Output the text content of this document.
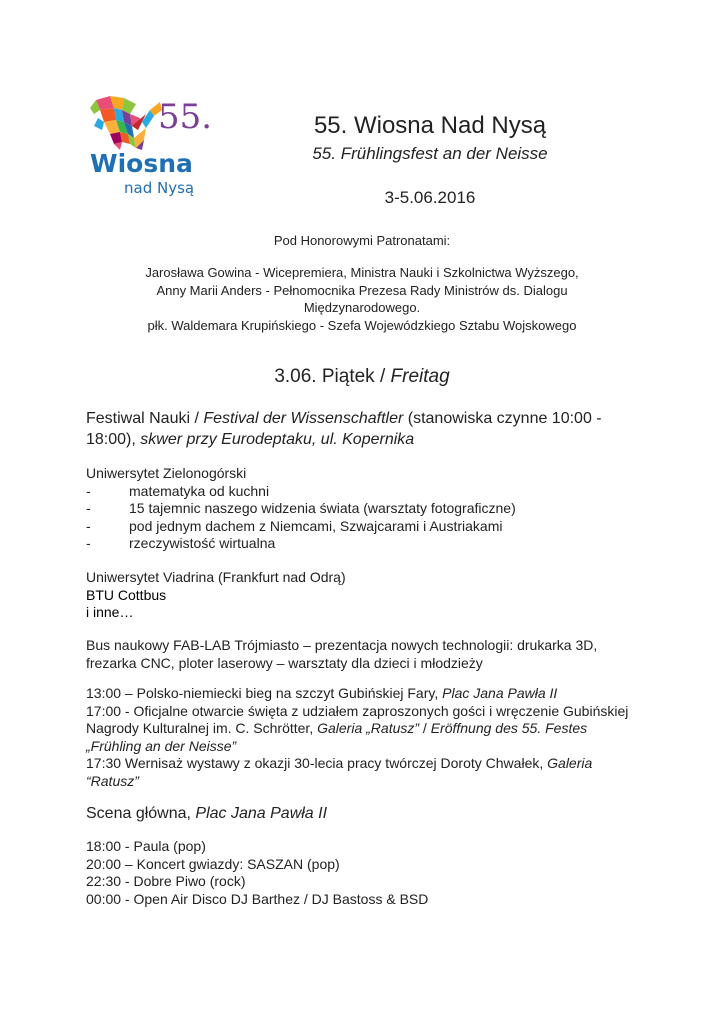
55.
Wiosna
nad Nysą
55. Wiosna Nad Nysą
55. Frühlingsfest an der Neisse
3-5.06.2016
Pod Honorowymi Patronatami:
Jarosława Gowina - Wicepremiera, Ministra Nauki i Szkolnictwa Wyższego,
Anny Marii Anders - Pełnomocnika Prezesa Rady Ministrów ds. Dialogu
Międzynarodowego.
płk. Waldemara Krupińskiego - Szefa Wojewódzkiego Sztabu Wojskowego
3.06. Piątek / Freitag
Festiwal Nauki / Festival der Wissenschaftler (stanowiska czynne 10:00 - 18:00), skwer przy Eurodeptaku, ul. Kopernika
Uniwersytet Zielonogórski
-	matematyka od kuchni
-	15 tajemnic naszego widzenia świata (warsztaty fotograficzne)
-	pod jednym dachem z Niemcami, Szwajcarami i Austriakami
-	rzeczywistość wirtualna
Uniwersytet Viadrina (Frankfurt nad Odrą)
BTU Cottbus
i inne…
Bus naukowy FAB-LAB Trójmiasto – prezentacja nowych technologii: drukarka 3D, frezarka CNC, ploter laserowy – warsztaty dla dzieci i młodzieży
13:00 – Polsko-niemiecki bieg na szczyt Gubińskiej Fary, Plac Jana Pawła II
17:00 - Oficjalne otwarcie święta z udziałem zaproszonych gości i wręczenie Gubińskiej Nagrody Kulturalnej im. C. Schrötter, Galeria „Ratusz” / Eröffnung des 55. Festes „Frühling an der Neisse”
17:30 Wernisaż wystawy z okazji 30-lecia pracy twórczej Doroty Chwałek, Galeria “Ratusz”
Scena główna, Plac Jana Pawła II
18:00 - Paula (pop)
20:00 – Koncert gwiazdy: SASZAN (pop)
22:30 - Dobre Piwo (rock)
00:00 - Open Air Disco DJ Barthez / DJ Bastoss & BSD
